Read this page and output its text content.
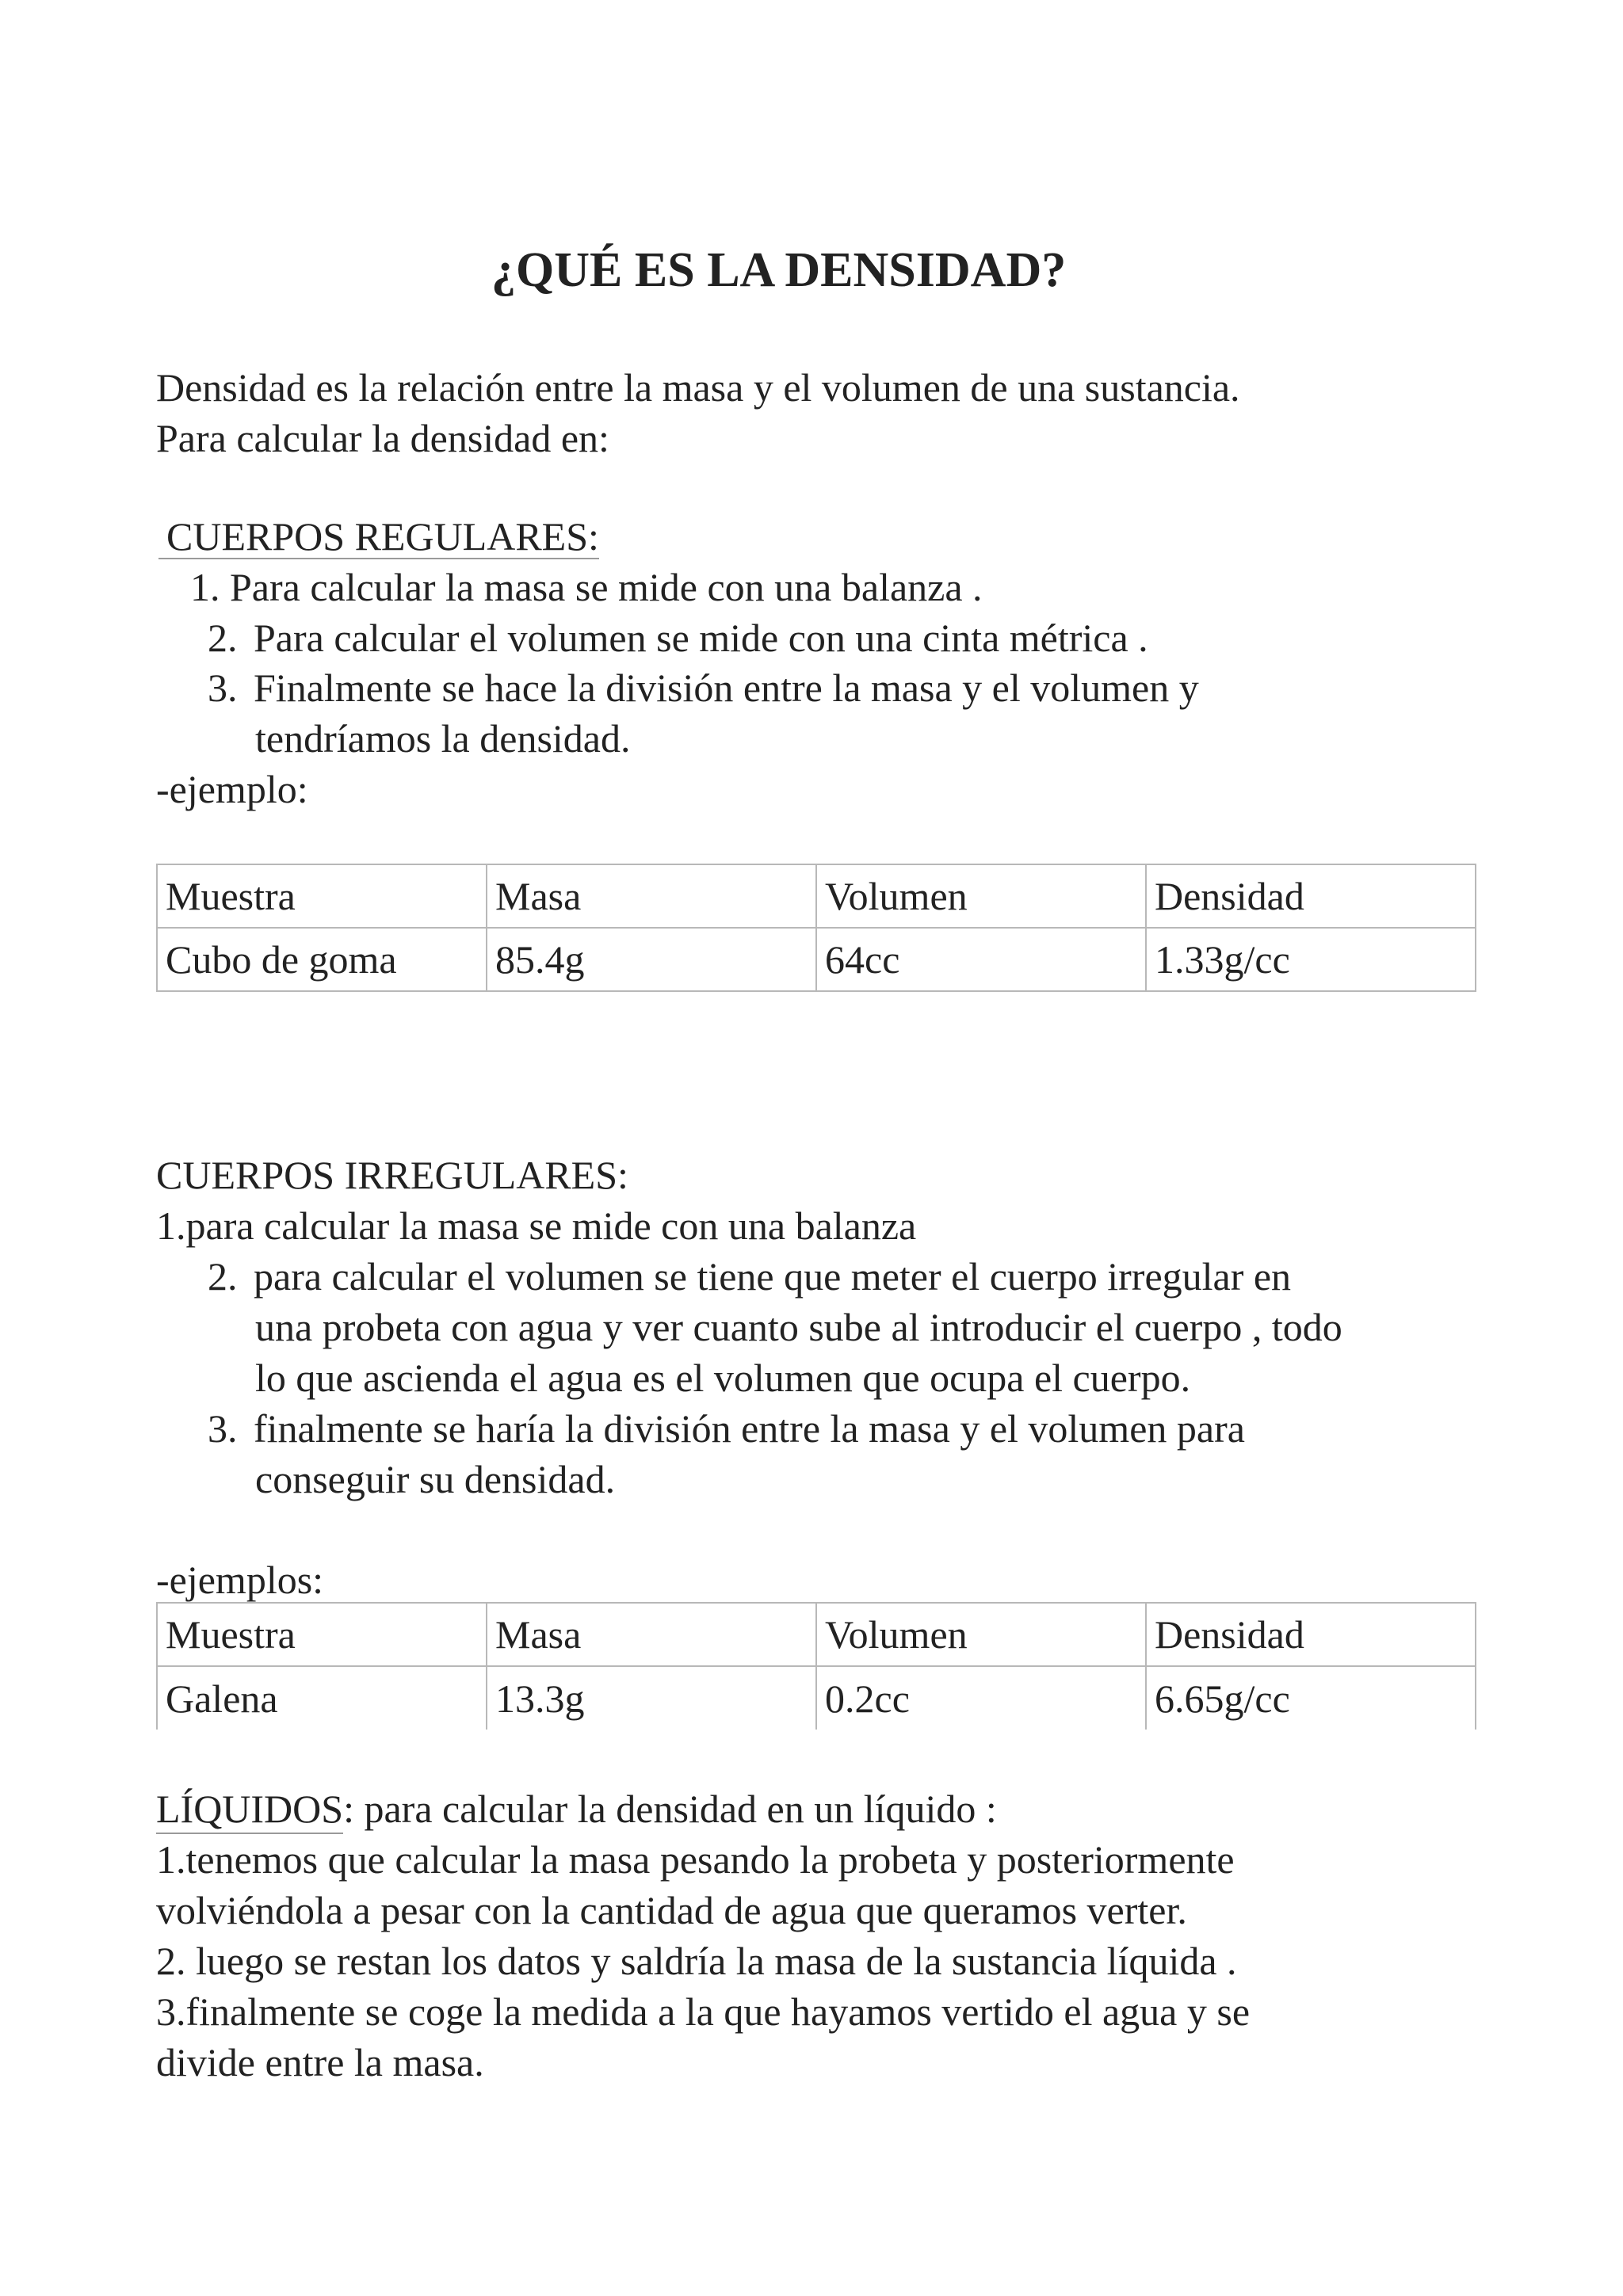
¿QUÉ ES LA DENSIDAD?
Densidad es la relación entre la masa y el volumen de una sustancia.
Para calcular la densidad en:
CUERPOS REGULARES:
1. Para calcular la masa se mide con una balanza .
2. Para calcular el volumen se mide con una cinta métrica .
3. Finalmente se hace la división entre la masa y el volumen y
tendríamos la densidad.
-ejemplo:
Muestra	Masa	Volumen	Densidad
Cubo de goma	85.4g	64cc	1.33g/cc
CUERPOS IRREGULARES:
1.para calcular la masa se mide con una balanza
2. para calcular el volumen se tiene que meter el cuerpo irregular en
una probeta con agua y ver cuanto sube al introducir el cuerpo , todo
lo que ascienda el agua es el volumen que ocupa el cuerpo.
3. finalmente se haría la división entre la masa y el volumen para
conseguir su densidad.
-ejemplos:
Muestra	Masa	Volumen	Densidad
Galena	13.3g	0.2cc	6.65g/cc
LÍQUIDOS: para calcular la densidad en un líquido :
1.tenemos que calcular la masa pesando la probeta y posteriormente
volviéndola a pesar con la cantidad de agua que queramos verter.
2. luego se restan los datos y saldría la masa de la sustancia líquida .
3.finalmente se coge la medida a la que hayamos vertido el agua y se
divide entre la masa.
